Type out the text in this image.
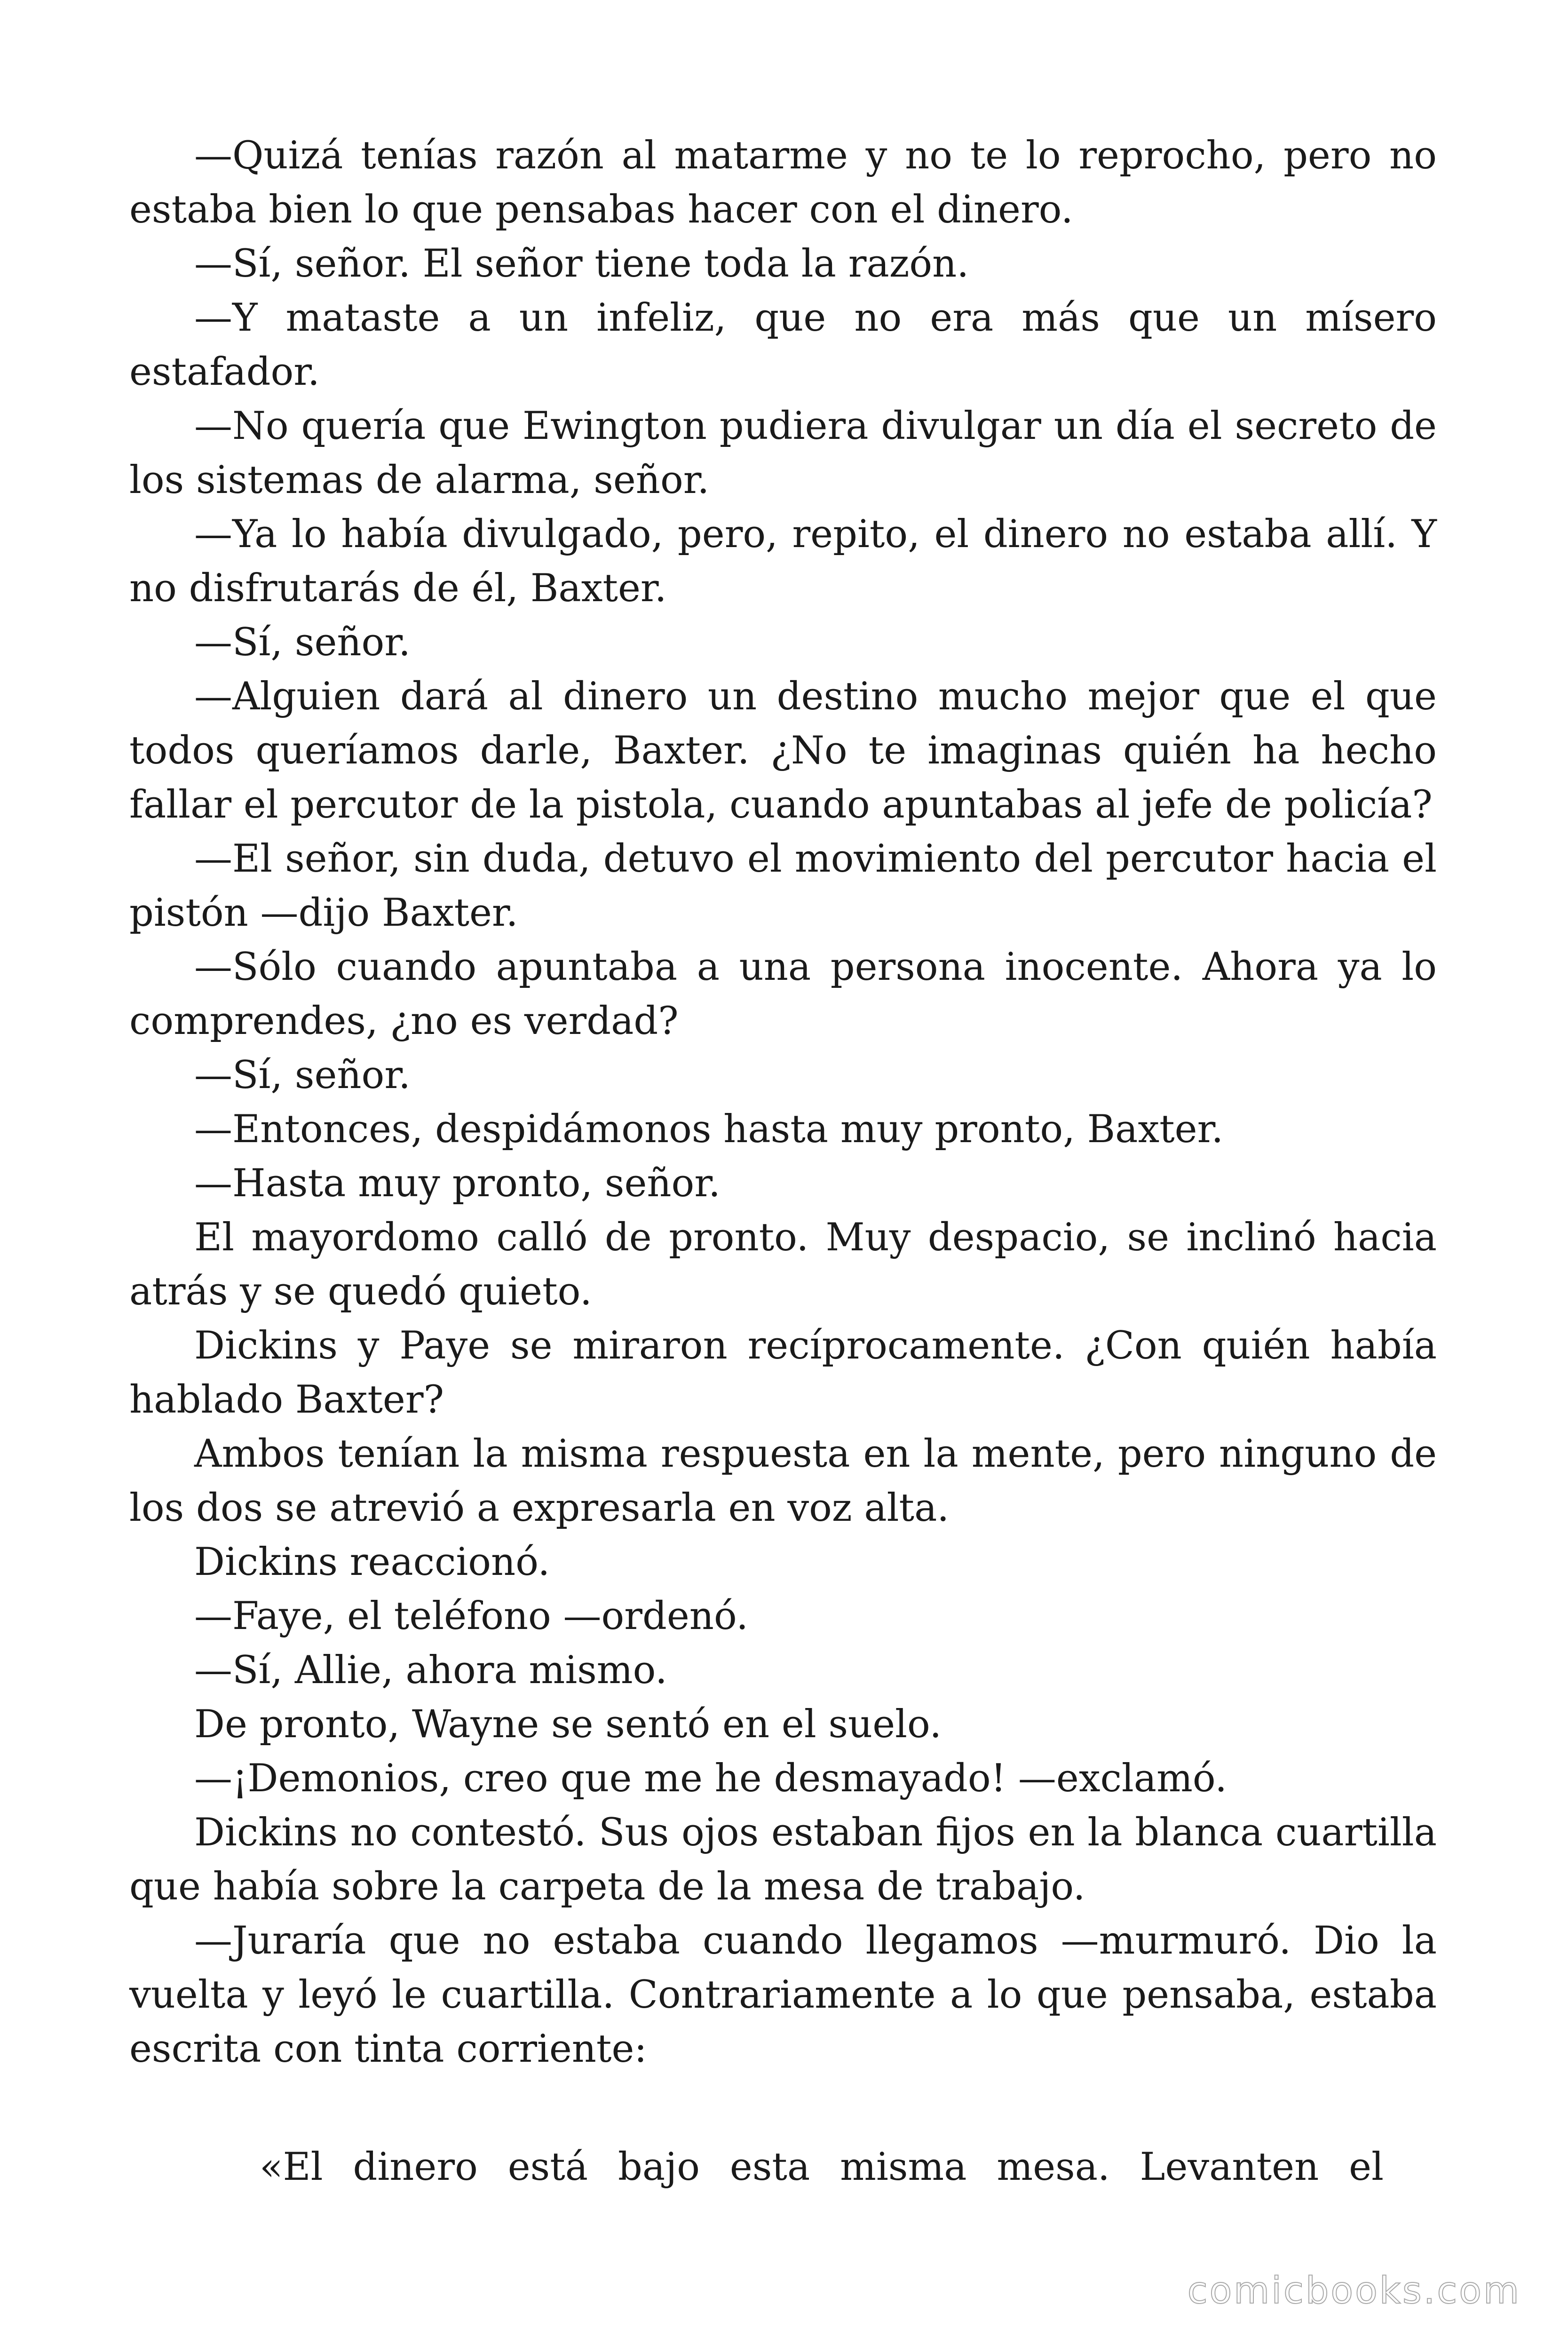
—Quizá tenías razón al matarme y no te lo reprocho, pero no estaba bien lo que pensabas hacer con el dinero.

—Sí, señor. El señor tiene toda la razón.

—Y mataste a un infeliz, que no era más que un mísero estafador.

—No quería que Ewington pudiera divulgar un día el secreto de los sistemas de alarma, señor.

—Ya lo había divulgado, pero, repito, el dinero no estaba allí. Y no disfrutarás de él, Baxter.

—Sí, señor.

—Alguien dará al dinero un destino mucho mejor que el que todos queríamos darle, Baxter. ¿No te imaginas quién ha hecho fallar el percutor de la pistola, cuando apuntabas al jefe de policía?

—El señor, sin duda, detuvo el movimiento del percutor hacia el pistón —dijo Baxter.

—Sólo cuando apuntaba a una persona inocente. Ahora ya lo comprendes, ¿no es verdad?

—Sí, señor.

—Entonces, despidámonos hasta muy pronto, Baxter.

—Hasta muy pronto, señor.

El mayordomo calló de pronto. Muy despacio, se inclinó hacia atrás y se quedó quieto.

Dickins y Paye se miraron recíprocamente. ¿Con quién había hablado Baxter?

Ambos tenían la misma respuesta en la mente, pero ninguno de los dos se atrevió a expresarla en voz alta.

Dickins reaccionó.

—Faye, el teléfono —ordenó.

—Sí, Allie, ahora mismo.

De pronto, Wayne se sentó en el suelo.

—¡Demonios, creo que me he desmayado! —exclamó.

Dickins no contestó. Sus ojos estaban fijos en la blanca cuartilla que había sobre la carpeta de la mesa de trabajo.

—Juraría que no estaba cuando llegamos —murmuró. Dio la vuelta y leyó le cuartilla. Contrariamente a lo que pensaba, estaba escrita con tinta corriente:

«El dinero está bajo esta misma mesa. Levanten el
comicbooks.com
